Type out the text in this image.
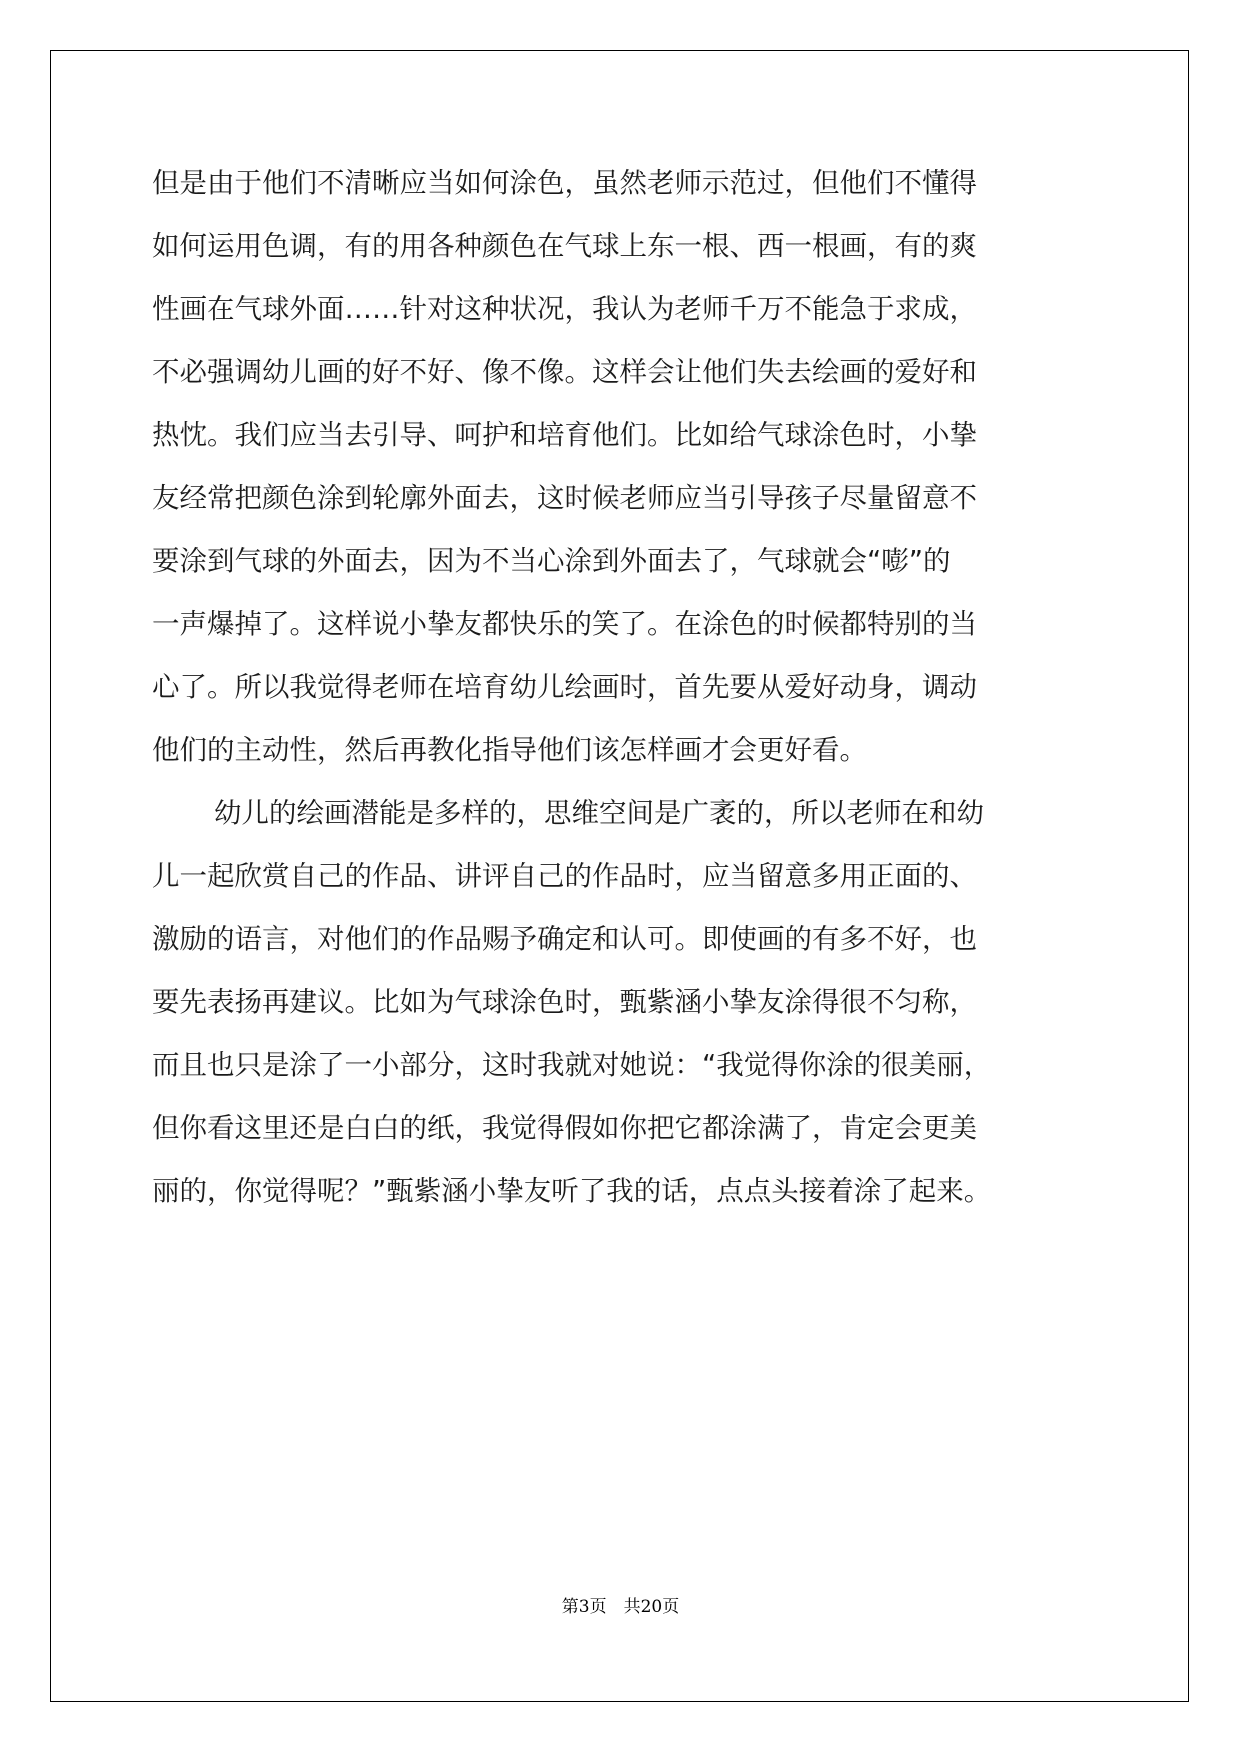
但是由于他们不清晰应当如何涂色，虽然老师示范过，但他们不懂得
如何运用色调，有的用各种颜色在气球上东一根、西一根画，有的爽
性画在气球外面……针对这种状况，我认为老师千万不能急于求成，
不必强调幼儿画的好不好、像不像。这样会让他们失去绘画的爱好和
热忱。我们应当去引导、呵护和培育他们。比如给气球涂色时，小挚
友经常把颜色涂到轮廓外面去，这时候老师应当引导孩子尽量留意不
要涂到气球的外面去，因为不当心涂到外面去了，气球就会“嘭”的
一声爆掉了。这样说小挚友都快乐的笑了。在涂色的时候都特别的当
心了。所以我觉得老师在培育幼儿绘画时，首先要从爱好动身，调动
他们的主动性，然后再教化指导他们该怎样画才会更好看。
幼儿的绘画潜能是多样的，思维空间是广袤的，所以老师在和幼
儿一起欣赏自己的作品、讲评自己的作品时，应当留意多用正面的、
激励的语言，对他们的作品赐予确定和认可。即使画的有多不好，也
要先表扬再建议。比如为气球涂色时，甄紫涵小挚友涂得很不匀称，
而且也只是涂了一小部分，这时我就对她说：“我觉得你涂的很美丽，
但你看这里还是白白的纸，我觉得假如你把它都涂满了，肯定会更美
丽的，你觉得呢？”甄紫涵小挚友听了我的话，点点头接着涂了起来。
第3页　共20页
